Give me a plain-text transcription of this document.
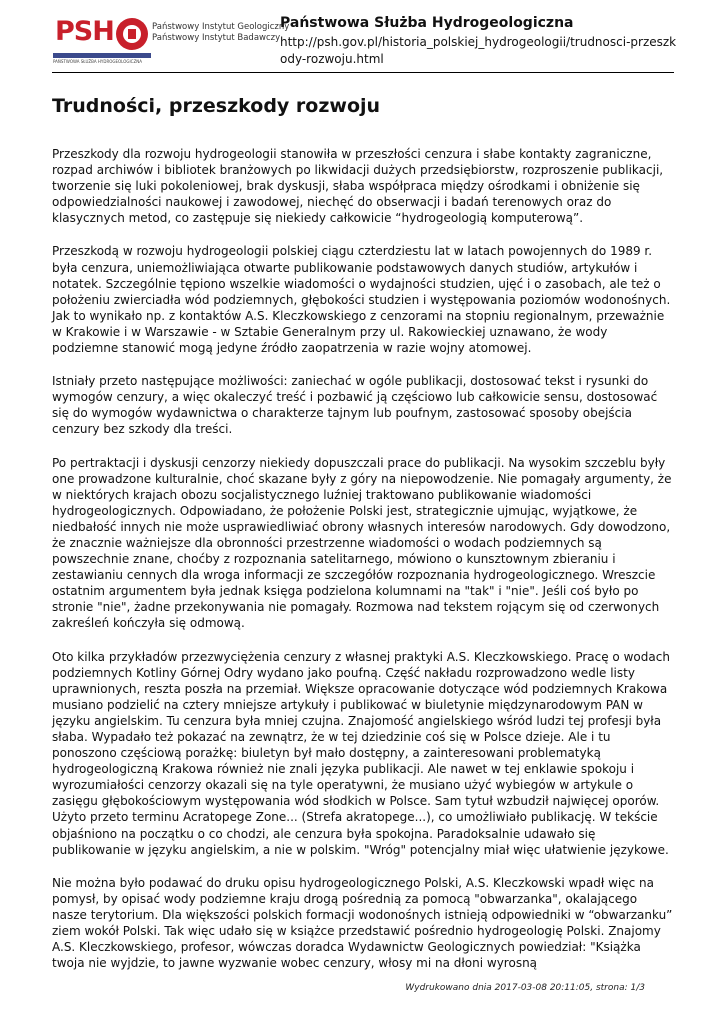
PSH	Państwowy Instytut Geologiczny
Państwowy Instytut Badawczy
PAŃSTWOWA SŁUŻBA HYDROGEOLOGICZNA
Państwowa Służba Hydrogeologiczna
http://psh.gov.pl/historia_polskiej_hydrogeologii/trudnosci-przeszkody-rozwoju.html
Trudności, przeszkody rozwoju

Przeszkody dla rozwoju hydrogeologii stanowiła w przeszłości cenzura i słabe kontakty zagraniczne, rozpad archiwów i bibliotek branżowych po likwidacji dużych przedsiębiorstw, rozproszenie publikacji, tworzenie się luki pokoleniowej, brak dyskusji, słaba współpraca między ośrodkami i obniżenie się odpowiedzialności naukowej i zawodowej, niechęć do obserwacji i badań terenowych oraz do klasycznych metod, co zastępuje się niekiedy całkowicie “hydrogeologią komputerową”.

Przeszkodą w rozwoju hydrogeologii polskiej ciągu czterdziestu lat w latach powojennych do 1989 r. była cenzura, uniemożliwiająca otwarte publikowanie podstawowych danych studiów, artykułów i notatek. Szczególnie tępiono wszelkie wiadomości o wydajności studzien, ujęć i o zasobach, ale też o położeniu zwierciadła wód podziemnych, głębokości studzien i występowania poziomów wodonośnych. Jak to wynikało np. z kontaktów A.S. Kleczkowskiego z cenzorami na stopniu regionalnym, przeważnie w Krakowie i w Warszawie - w Sztabie Generalnym przy ul. Rakowieckiej uznawano, że wody podziemne stanowić mogą jedyne źródło zaopatrzenia w razie wojny atomowej.

Istniały przeto następujące możliwości: zaniechać w ogóle publikacji, dostosować tekst i rysunki do wymogów cenzury, a więc okaleczyć treść i pozbawić ją częściowo lub całkowicie sensu, dostosować się do wymogów wydawnictwa o charakterze tajnym lub poufnym, zastosować sposoby obejścia cenzury bez szkody dla treści.

Po pertraktacji i dyskusji cenzorzy niekiedy dopuszczali prace do publikacji. Na wysokim szczeblu były one prowadzone kulturalnie, choć skazane były z góry na niepowodzenie. Nie pomagały argumenty, że w niektórych krajach obozu socjalistycznego luźniej traktowano publikowanie wiadomości hydrogeologicznych. Odpowiadano, że położenie Polski jest, strategicznie ujmując, wyjątkowe, że niedbałość innych nie może usprawiedliwiać obrony własnych interesów narodowych. Gdy dowodzono, że znacznie ważniejsze dla obronności przestrzenne wiadomości o wodach podziemnych są powszechnie znane, choćby z rozpoznania satelitarnego, mówiono o kunsztownym zbieraniu i zestawianiu cennych dla wroga informacji ze szczegółów rozpoznania hydrogeologicznego. Wreszcie ostatnim argumentem była jednak księga podzielona kolumnami na "tak" i "nie". Jeśli coś było po stronie "nie", żadne przekonywania nie pomagały. Rozmowa nad tekstem rojącym się od czerwonych zakreśleń kończyła się odmową.

Oto kilka przykładów przezwyciężenia cenzury z własnej praktyki A.S. Kleczkowskiego. Pracę o wodach podziemnych Kotliny Górnej Odry wydano jako poufną. Część nakładu rozprowadzono wedle listy uprawnionych, reszta poszła na przemiał. Większe opracowanie dotyczące wód podziemnych Krakowa musiano podzielić na cztery mniejsze artykuły i publikować w biuletynie międzynarodowym PAN w języku angielskim. Tu cenzura była mniej czujna. Znajomość angielskiego wśród ludzi tej profesji była słaba. Wypadało też pokazać na zewnątrz, że w tej dziedzinie coś się w Polsce dzieje. Ale i tu ponoszono częściową porażkę: biuletyn był mało dostępny, a zainteresowani problematyką hydrogeologiczną Krakowa również nie znali języka publikacji. Ale nawet w tej enklawie spokoju i wyrozumiałości cenzorzy okazali się na tyle operatywni, że musiano użyć wybiegów w artykule o zasięgu głębokościowym występowania wód słodkich w Polsce. Sam tytuł wzbudził najwięcej oporów. Użyto przeto terminu Acratopege Zone... (Strefa akratopege...), co umożliwiało publikację. W tekście objaśniono na początku o co chodzi, ale cenzura była spokojna. Paradoksalnie udawało się publikowanie w języku angielskim, a nie w polskim. "Wróg" potencjalny miał więc ułatwienie językowe.

Nie można było podawać do druku opisu hydrogeologicznego Polski, A.S. Kleczkowski wpadł więc na pomysł, by opisać wody podziemne kraju drogą pośrednią za pomocą "obwarzanka", okalającego nasze terytorium. Dla większości polskich formacji wodonośnych istnieją odpowiedniki w “obwarzanku” ziem wokół Polski. Tak więc udało się w książce przedstawić pośrednio hydrogeologię Polski. Znajomy A.S. Kleczkowskiego, profesor, wówczas doradca Wydawnictw Geologicznych powiedział: "Książka twoja nie wyjdzie, to jawne wyzwanie wobec cenzury, włosy mi na dłoni wyrosną

Wydrukowano dnia 2017-03-08 20:11:05, strona: 1/3
